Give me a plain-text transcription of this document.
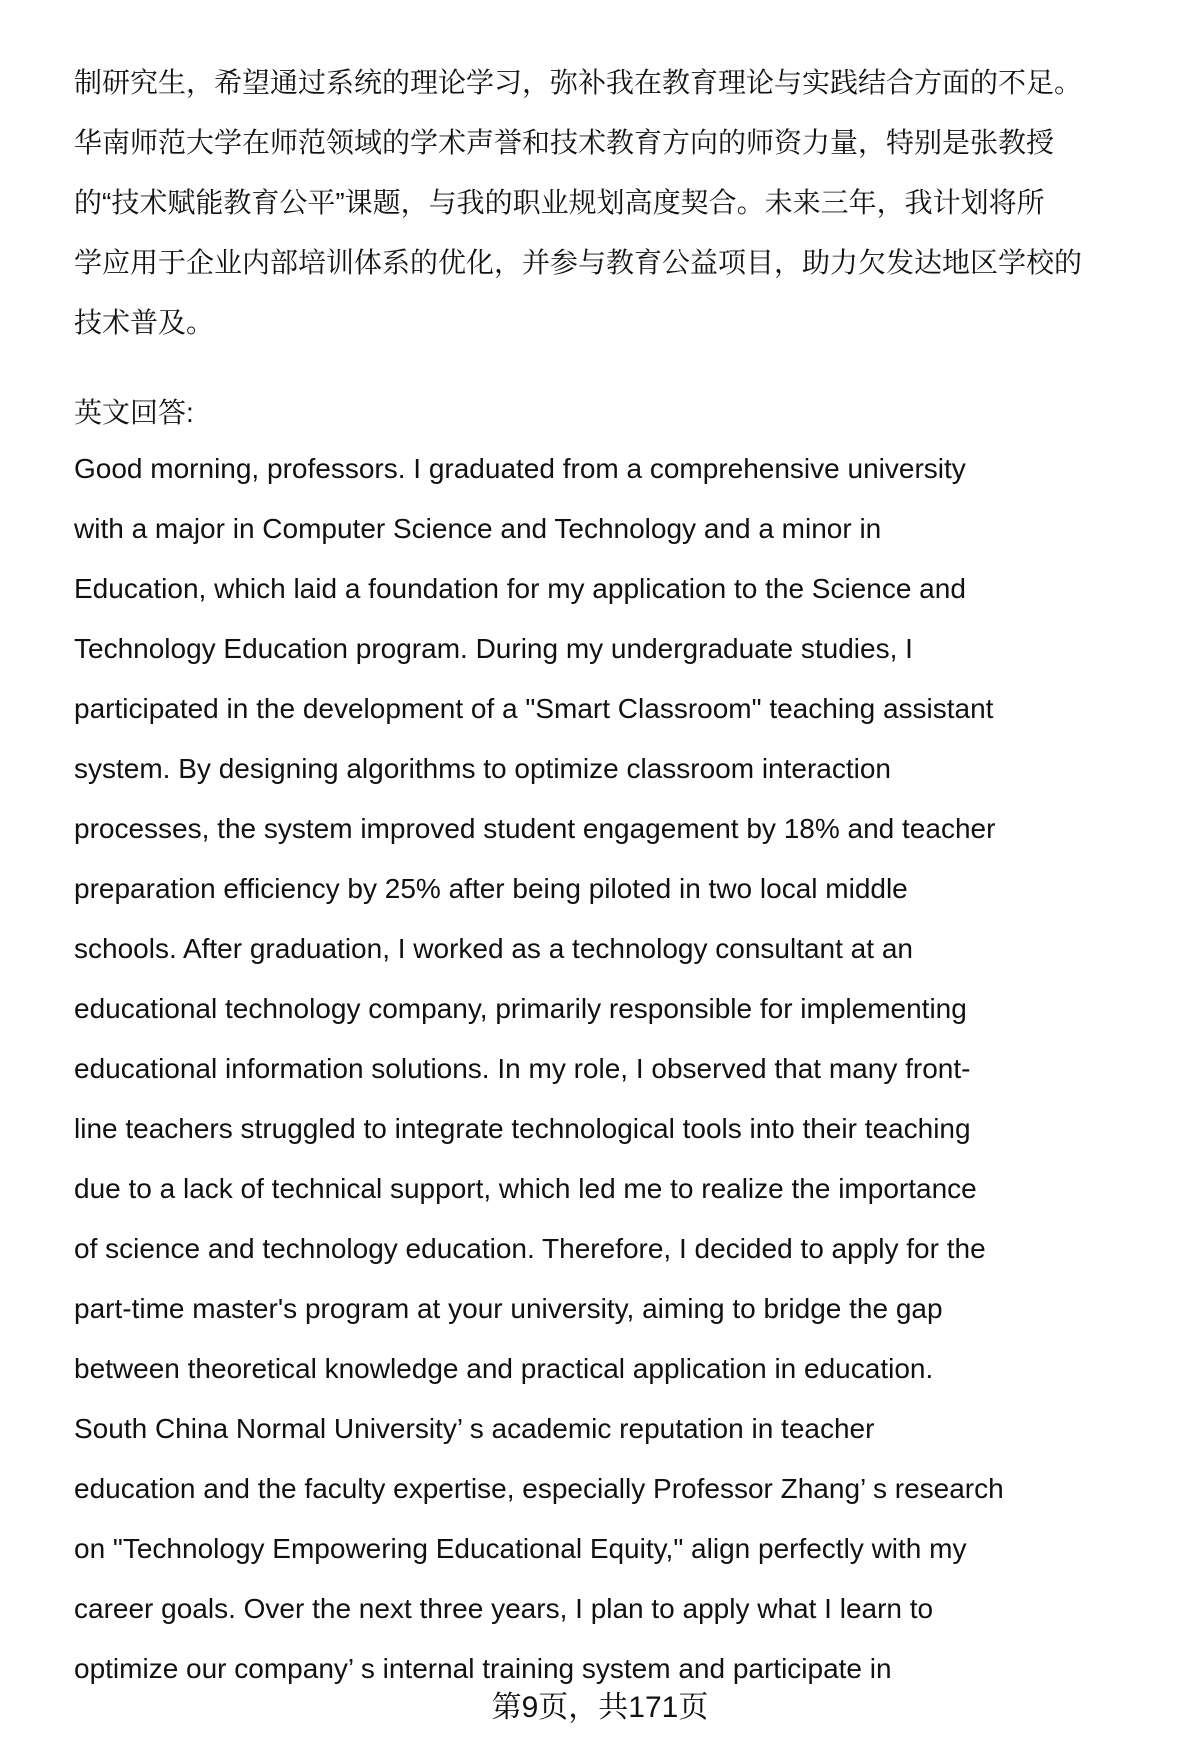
制研究生，希望通过系统的理论学习，弥补我在教育理论与实践结合方面的不足。
华南师范大学在师范领域的学术声誉和技术教育方向的师资力量，特别是张教授
的“技术赋能教育公平”课题，与我的职业规划高度契合。未来三年，我计划将所
学应用于企业内部培训体系的优化，并参与教育公益项目，助力欠发达地区学校的
技术普及。
英文回答:
Good morning, professors. I graduated from a comprehensive university
with a major in Computer Science and Technology and a minor in
Education, which laid a foundation for my application to the Science and
Technology Education program. During my undergraduate studies, I
participated in the development of a "Smart Classroom" teaching assistant
system. By designing algorithms to optimize classroom interaction
processes, the system improved student engagement by 18% and teacher
preparation efficiency by 25% after being piloted in two local middle
schools. After graduation, I worked as a technology consultant at an
educational technology company, primarily responsible for implementing
educational information solutions. In my role, I observed that many front-
line teachers struggled to integrate technological tools into their teaching
due to a lack of technical support, which led me to realize the importance
of science and technology education. Therefore, I decided to apply for the
part-time master's program at your university, aiming to bridge the gap
between theoretical knowledge and practical application in education.
South China Normal University’ s academic reputation in teacher
education and the faculty expertise, especially Professor Zhang’ s research
on "Technology Empowering Educational Equity," align perfectly with my
career goals. Over the next three years, I plan to apply what I learn to
optimize our company’ s internal training system and participate in
第9页，共171页
